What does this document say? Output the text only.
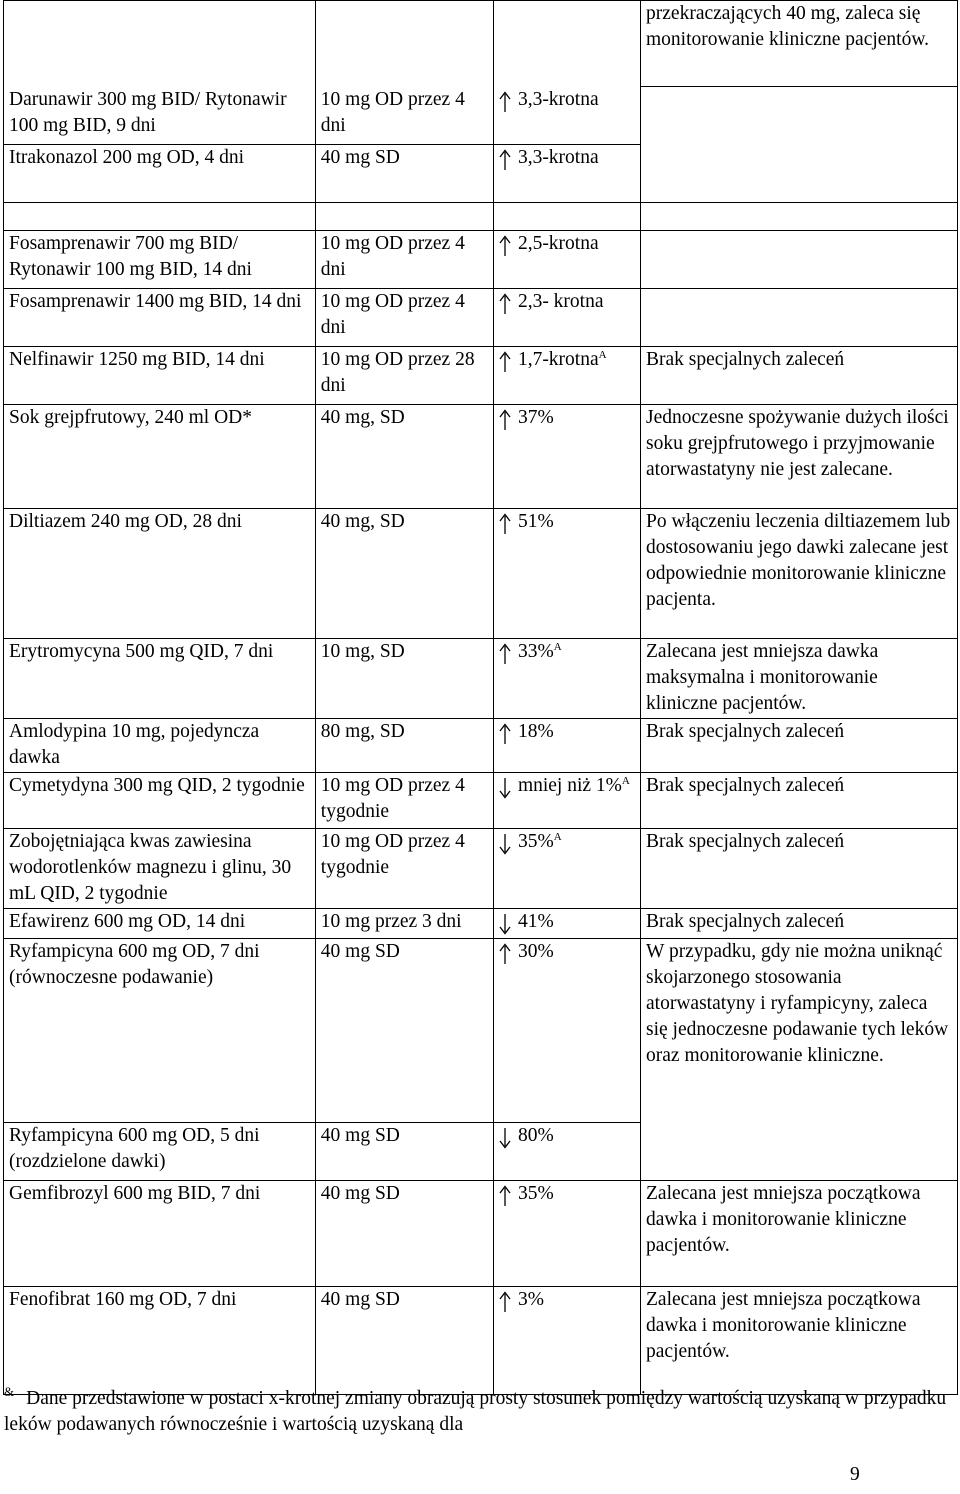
			przekraczających 40 mg, zaleca się monitorowanie kliniczne pacjentów.
Darunawir 300 mg BID/ Rytonawir 100 mg BID, 9 dni	10 mg OD przez 4 dni	3,3-krotna	
Itrakonazol 200 mg OD, 4 dni	40 mg SD	3,3-krotna	

Fosamprenawir 700 mg BID/ Rytonawir 100 mg BID, 14 dni	10 mg OD przez 4 dni	2,5-krotna	
Fosamprenawir 1400 mg BID, 14 dni	10 mg OD przez 4 dni	2,3- krotna	
Nelfinawir 1250 mg BID, 14 dni	10 mg OD przez 28 dni	1,7-krotna$^A$	Brak specjalnych zaleceń
Sok grejpfrutowy, 240 ml OD*	40 mg, SD	37%	Jednoczesne spożywanie dużych ilości soku grejpfrutowego i przyjmowanie atorwastatyny nie jest zalecane.
Diltiazem 240 mg OD, 28 dni	40 mg, SD	51%	Po włączeniu leczenia diltiazemem lub dostosowaniu jego dawki zalecane jest odpowiednie monitorowanie kliniczne pacjenta.
Erytromycyna 500 mg QID, 7 dni	10 mg, SD	33%$^A$	Zalecana jest mniejsza dawka maksymalna i monitorowanie kliniczne pacjentów.
Amlodypina 10 mg, pojedyncza dawka	80 mg, SD	18%	Brak specjalnych zaleceń
Cymetydyna 300 mg QID, 2 tygodnie	10 mg OD przez 4 tygodnie	mniej niż 1%$^A$	Brak specjalnych zaleceń
Zobojętniająca kwas zawiesina wodorotlenków magnezu i glinu, 30 mL QID, 2 tygodnie	10 mg OD przez 4 tygodnie	35%$^A$	Brak specjalnych zaleceń
Efawirenz 600 mg OD, 14 dni	10 mg przez 3 dni	41%	Brak specjalnych zaleceń
Ryfampicyna 600 mg OD, 7 dni (równoczesne podawanie)	40 mg SD	30%	W przypadku, gdy nie można uniknąć skojarzonego stosowania atorwastatyny i ryfampicyny, zaleca się jednoczesne podawanie tych leków oraz monitorowanie kliniczne.
Ryfampicyna 600 mg OD, 5 dni (rozdzielone dawki)	40 mg SD	80%	
Gemfibrozyl 600 mg BID, 7 dni	40 mg SD	35%	Zalecana jest mniejsza początkowa dawka i monitorowanie kliniczne pacjentów.
Fenofibrat 160 mg OD, 7 dni	40 mg SD	3%	Zalecana jest mniejsza początkowa dawka i monitorowanie kliniczne pacjentów.
& Dane przedstawione w postaci x-krotnej zmiany obrazują prosty stosunek pomiędzy wartością uzyskaną w przypadku leków podawanych równocześnie i wartością uzyskaną dla
9
